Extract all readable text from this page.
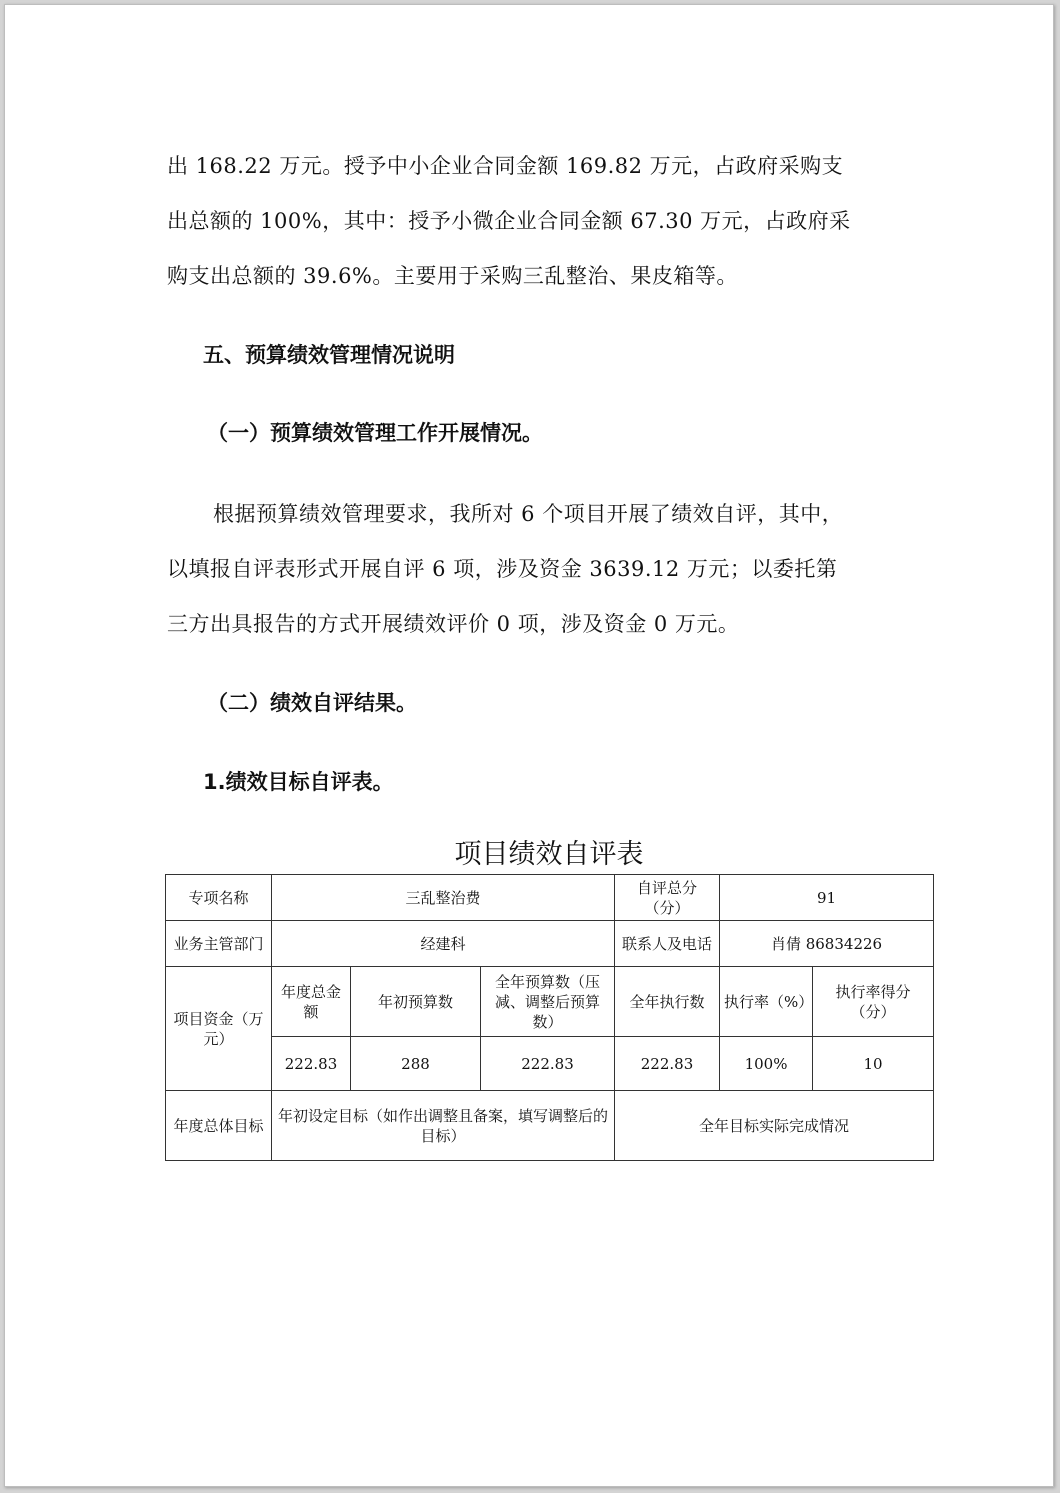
出 168.22 万元。授予中小企业合同金额 169.82 万元，占政府采购支
出总额的 100%，其中：授予小微企业合同金额 67.30 万元，占政府采
购支出总额的 39.6%。主要用于采购三乱整治、果皮箱等。
五、预算绩效管理情况说明
（一）预算绩效管理工作开展情况。
根据预算绩效管理要求，我所对 6 个项目开展了绩效自评，其中，
以填报自评表形式开展自评 6 项，涉及资金 3639.12 万元；以委托第
三方出具报告的方式开展绩效评价 0 项，涉及资金 0 万元。
（二）绩效自评结果。
1.绩效目标自评表。
项目绩效自评表
专项名称	三乱整治费			自评总分（分）	91	
业务主管部门	经建科			联系人及电话	肖倩 86834226	
项目资金（万元）	年度总金额	年初预算数	全年预算数（压减、调整后预算数）	全年执行数	执行率（%）	执行率得分（分）
	222.83	288	222.83	222.83	100%	10
年度总体目标	年初设定目标（如作出调整且备案，填写调整后的目标）			全年目标实际完成情况		
